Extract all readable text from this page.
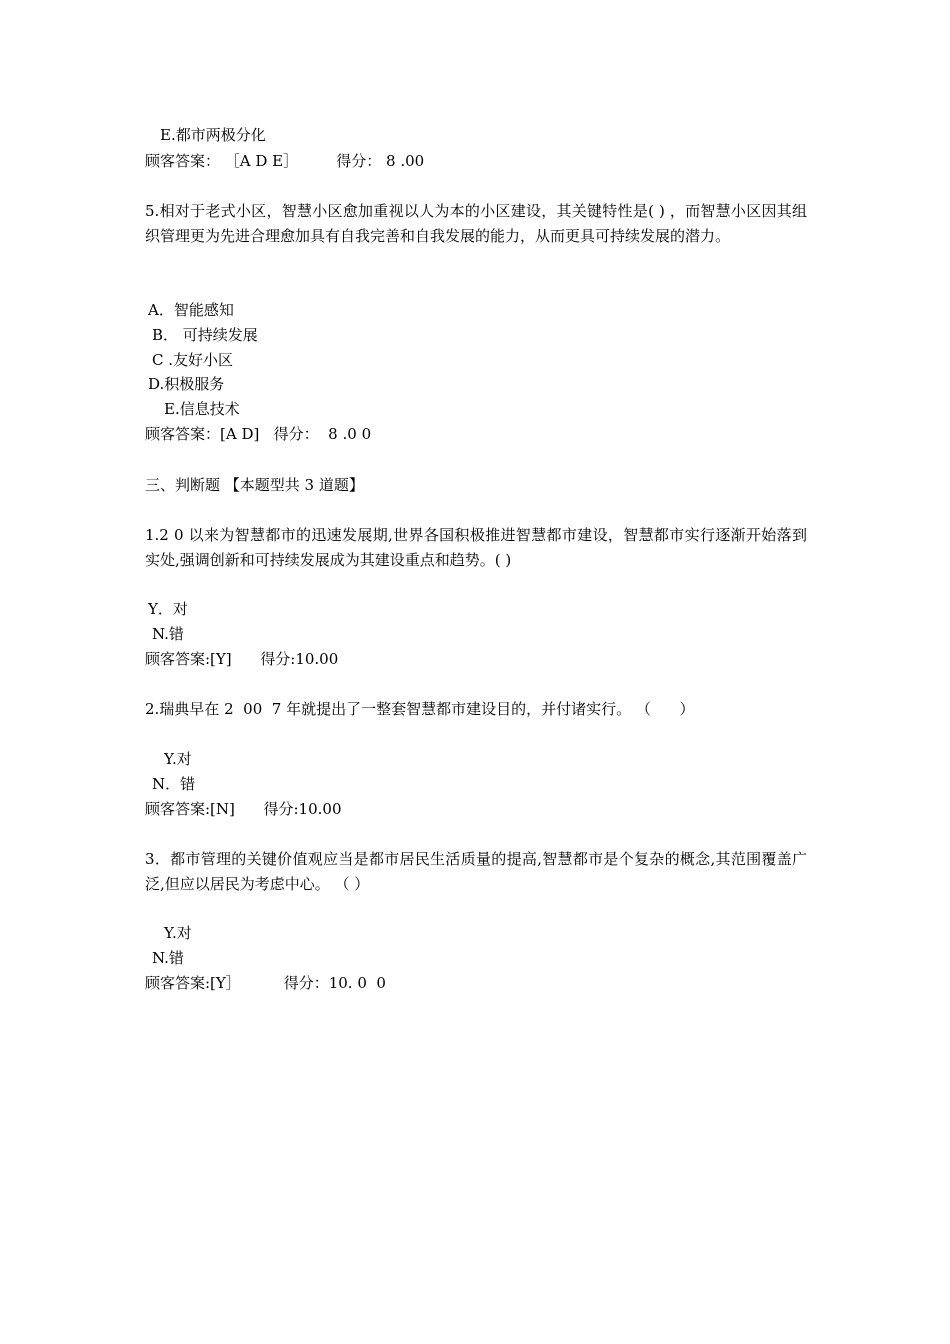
E.都市两极分化
顾客答案： ［A D E］        得分： 8 .00
5.相对于老式小区，智慧小区愈加重视以人为本的小区建设，其关键特性是( ) ，而智慧小区因其组织管理更为先进合理愈加具有自我完善和自我发展的能力，从而更具可持续发展的潜力。
A．智能感知
B． 可持续发展
C .友好小区
D.积极服务
E.信息技术
顾客答案：[A D]   得分：  8 .0 0
三、判断题 【本题型共 3 道题】
1.2 0 以来为智慧都市的迅速发展期,世界各国积极推进智慧都市建设，智慧都市实行逐渐开始落到实处,强调创新和可持续发展成为其建设重点和趋势。( )
Y．对
N.错
顾客答案:[Y]      得分:10.00
2.瑞典早在 2  00  7 年就提出了一整套智慧都市建设目的，并付诸实行。 （      ）
Y.对
N．错
顾客答案:[N]      得分:10.00
3．都市管理的关键价值观应当是都市居民生活质量的提高,智慧都市是个复杂的概念,其范围覆盖广泛,但应以居民为考虑中心。 （ ）
Y.对
N.错
顾客答案:[Y］         得分：10. 0  0
